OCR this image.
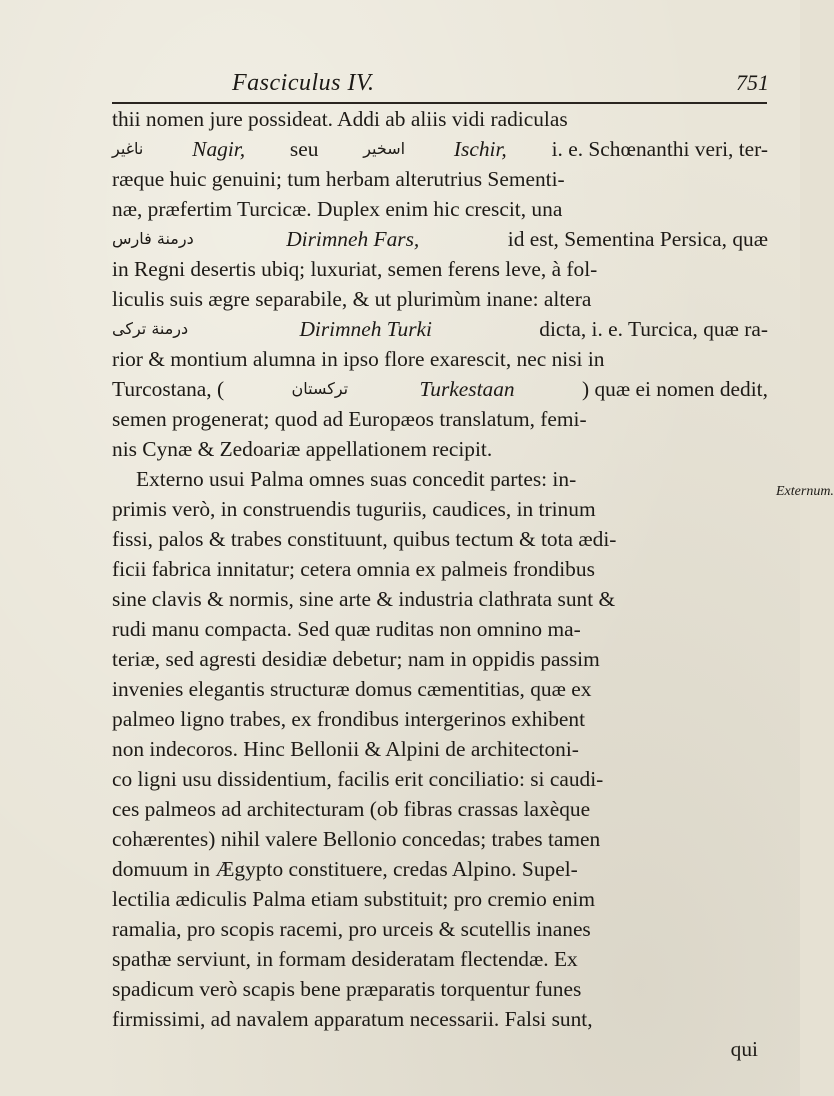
Fasciculus IV.	751
Externum.
thii nomen jure possideat. Addi ab aliis vidi radiculas
ناغير Nagir, seu	اسخير Ischir, i. e. Schœnanthi veri, ter-
ræque huic genuini; tum herbam alterutrius Sementi-
næ, præfertim Turcicæ. Duplex enim hic crescit, una
درمنة فارس	Dirimneh Fars,	id est, Sementina Persica, quæ
in Regni desertis ubiq; luxuriat, semen ferens leve, à fol-
liculis suis ægre separabile, & ut plurimùm inane: altera
درمنة ترکی	Dirimneh Turki	dicta, i. e. Turcica, quæ ra-
rior & montium alumna in ipso flore exarescit, nec nisi in
Turcostana, (	ترکستان	Turkestaan	) quæ ei nomen dedit,
semen progenerat; quod ad Europæos translatum, femi-
nis Cynæ & Zedoariæ appellationem recipit.
Externo usui Palma omnes suas concedit partes: in-
primis verò, in construendis tuguriis, caudices, in trinum
fissi, palos & trabes constituunt, quibus tectum & tota ædi-
ficii fabrica innitatur; cetera omnia ex palmeis frondibus
sine clavis & normis, sine arte & industria clathrata sunt &
rudi manu compacta. Sed quæ ruditas non omnino ma-
teriæ, sed agresti desidiæ debetur; nam in oppidis passim
invenies elegantis structuræ domus cæmentitias, quæ ex
palmeo ligno trabes, ex frondibus intergerinos exhibent
non indecoros. Hinc Bellonii & Alpini de architectoni-
co ligni usu dissidentium, facilis erit conciliatio: si caudi-
ces palmeos ad architecturam (ob fibras crassas laxèque
cohærentes) nihil valere Bellonio concedas; trabes tamen
domuum in Ægypto constituere, credas Alpino. Supel-
lectilia ædiculis Palma etiam substituit; pro cremio enim
ramalia, pro scopis racemi, pro urceis & scutellis inanes
spathæ serviunt, in formam desideratam flectendæ. Ex
spadicum verò scapis bene præparatis torquentur funes
firmissimi, ad navalem apparatum necessarii. Falsi sunt,
qui
